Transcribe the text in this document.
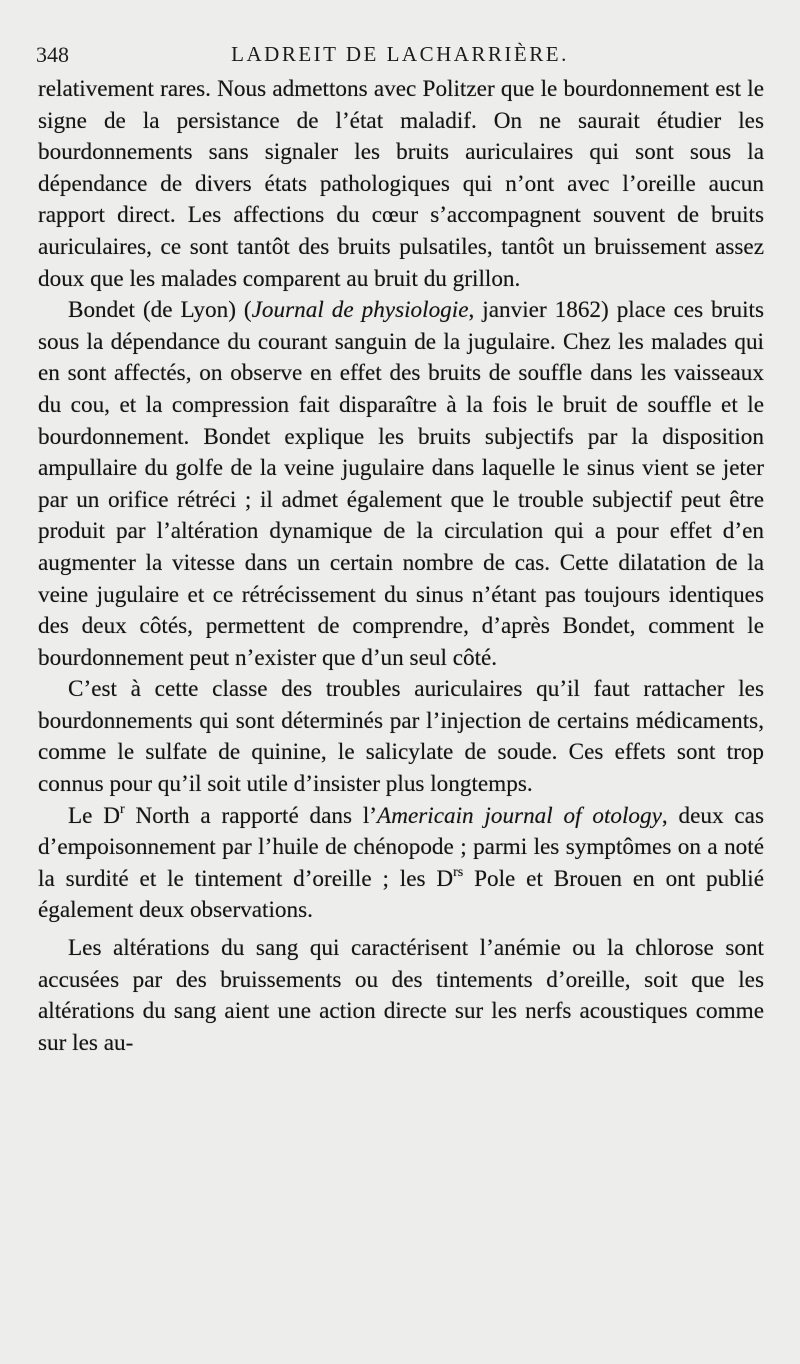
348	LADREIT DE LACHARRIÈRE.

relativement rares. Nous admettons avec Politzer que le bourdonnement est le signe de la persistance de l’état maladif. On ne saurait étudier les bourdonnements sans signaler les bruits auriculaires qui sont sous la dépendance de divers états pathologiques qui n’ont avec l’oreille aucun rapport direct. Les affections du cœur s’accompagnent souvent de bruits auriculaires, ce sont tantôt des bruits pulsatiles, tantôt un bruissement assez doux que les malades comparent au bruit du grillon.

Bondet (de Lyon) (Journal de physiologie, janvier 1862) place ces bruits sous la dépendance du courant sanguin de la jugulaire. Chez les malades qui en sont affectés, on observe en effet des bruits de souffle dans les vaisseaux du cou, et la compression fait disparaître à la fois le bruit de souffle et le bourdonnement. Bondet explique les bruits subjectifs par la disposition ampullaire du golfe de la veine jugulaire dans laquelle le sinus vient se jeter par un orifice rétréci ; il admet également que le trouble subjectif peut être produit par l’altération dynamique de la circulation qui a pour effet d’en augmenter la vitesse dans un certain nombre de cas. Cette dilatation de la veine jugulaire et ce rétrécissement du sinus n’étant pas toujours identiques des deux côtés, permettent de comprendre, d’après Bondet, comment le bourdonnement peut n’exister que d’un seul côté.

C’est à cette classe des troubles auriculaires qu’il faut rattacher les bourdonnements qui sont déterminés par l’injection de certains médicaments, comme le sulfate de quinine, le salicylate de soude. Ces effets sont trop connus pour qu’il soit utile d’insister plus longtemps.

Le $D^r$ North a rapporté dans l’Americain journal of otology, deux cas d’empoisonnement par l’huile de chénopode ; parmi les symptômes on a noté la surdité et le tintement d’oreille ; les $D^{rs}$ Pole et Brouen en ont publié également deux observations.

Les altérations du sang qui caractérisent l’anémie ou la chlorose sont accusées par des bruissements ou des tintements d’oreille, soit que les altérations du sang aient une action directe sur les nerfs acoustiques comme sur les au-
